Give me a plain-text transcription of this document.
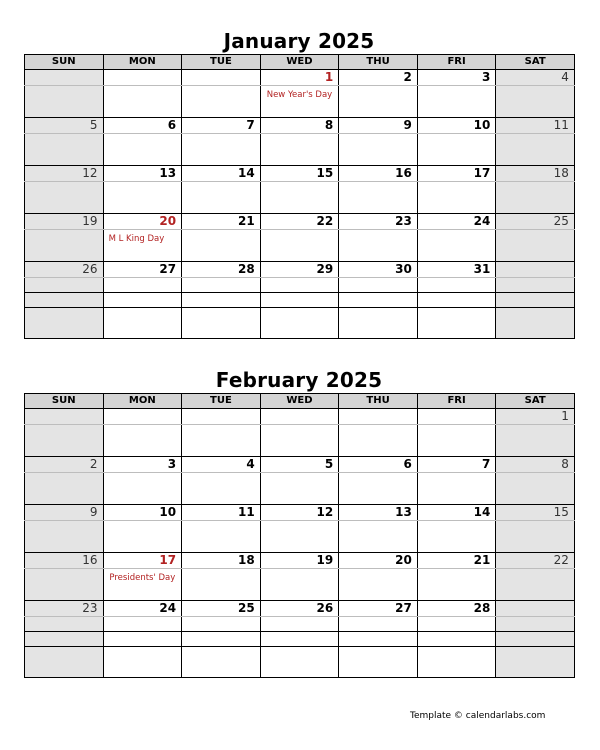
January 2025
SUN	MON	TUE	WED	THU	FRI	SAT

			1	2	3	4

			New Year's Day			

5	6	7	8	9	10	11

12	13	14	15	16	17	18

19	20	21	22	23	24	25

	M L King Day					

26	27	28	29	30	31	

February 2025
SUN	MON	TUE	WED	THU	FRI	SAT

						1

2	3	4	5	6	7	8

9	10	11	12	13	14	15

16	17	18	19	20	21	22

	Presidents' Day					

23	24	25	26	27	28	

Template © calendarlabs.com
